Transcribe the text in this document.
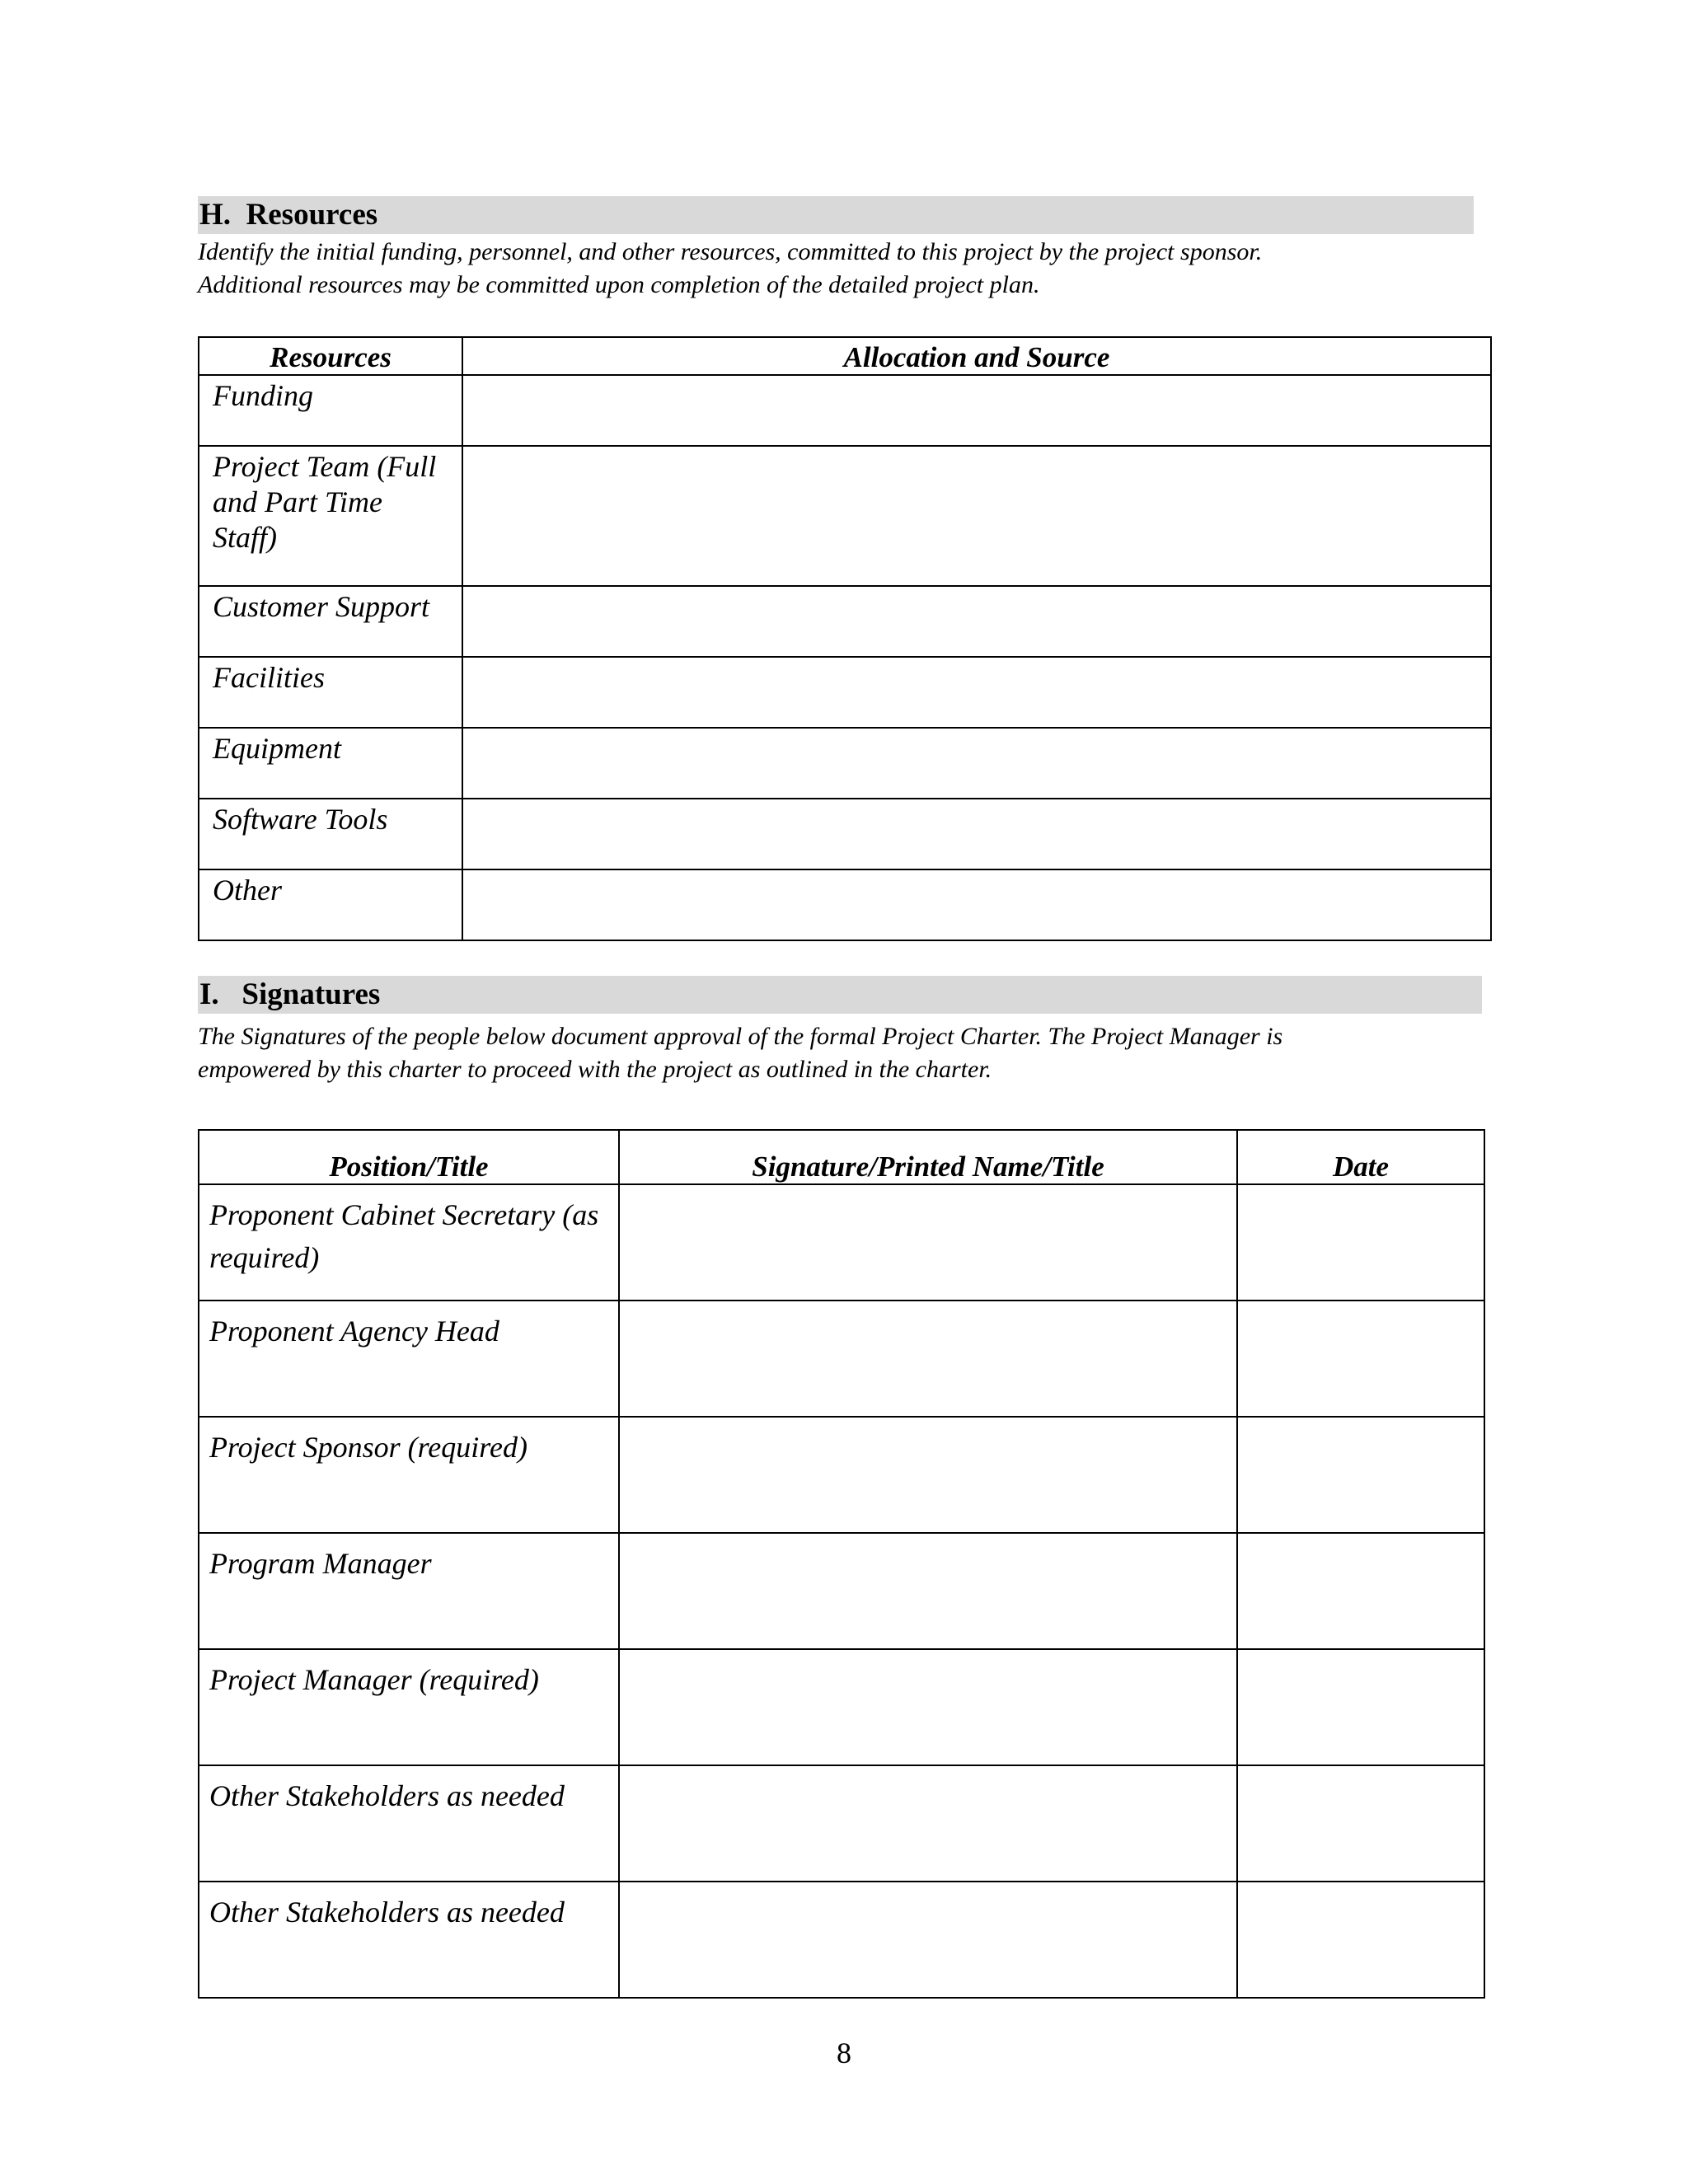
H.  Resources
Identify the initial funding, personnel, and other resources, committed to this project by the project sponsor.
Additional resources may be committed upon completion of the detailed project plan.
Resources	Allocation and Source
Funding	
Project Team (Full and Part Time Staff)	
Customer Support	
Facilities	
Equipment	
Software Tools	
Other	
I.   Signatures
The Signatures of the people below document approval of the formal Project Charter. The Project Manager is
empowered by this charter to proceed with the project as outlined in the charter.
Position/Title	Signature/Printed Name/Title	Date
Proponent Cabinet Secretary (as required)		
Proponent Agency Head		
Project Sponsor (required)		
Program Manager		
Project Manager (required)		
Other Stakeholders as needed		
Other Stakeholders as needed		
8
